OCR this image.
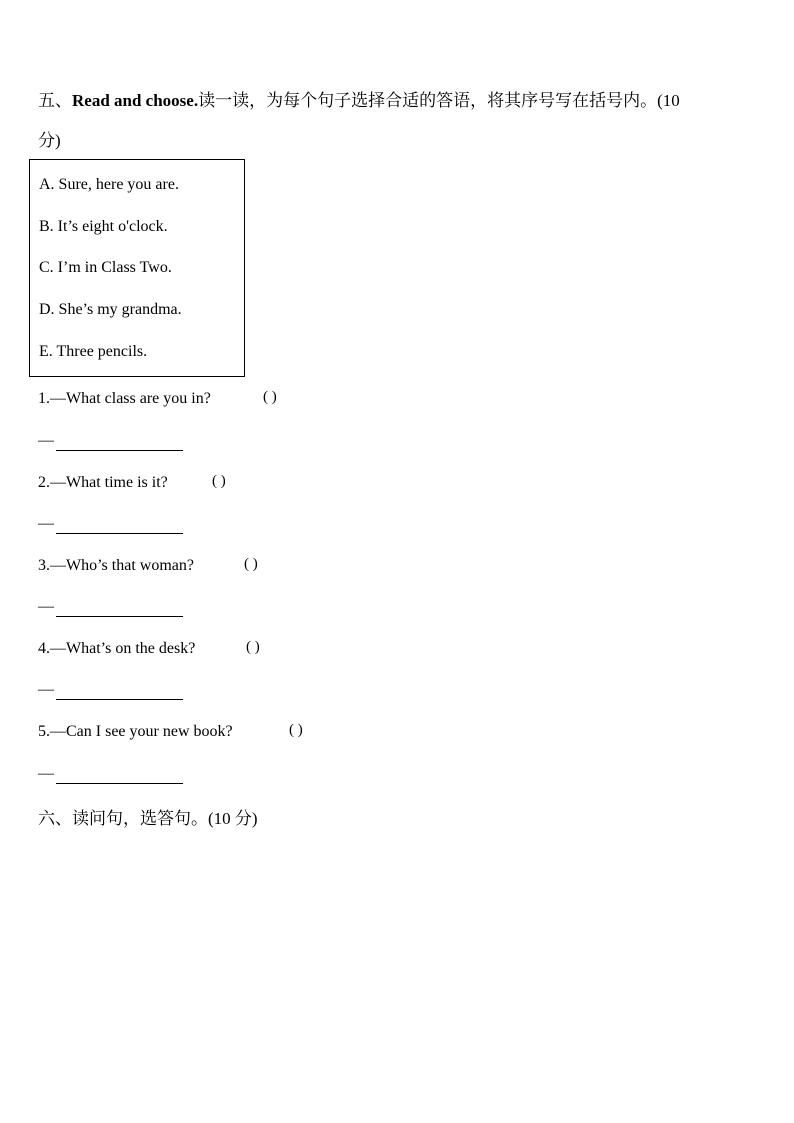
五、Read and choose.读一读，为每个句子选择合适的答语，将其序号写在括号内。(10
分)
A. Sure, here you are.
B. It’s eight o'clock.
C. I’m in Class Two.
D. She’s my grandma.
E. Three pencils.
1.—What class are you in?	( )
—
2.—What time is it?	( )
—
3.—Who’s that woman?	( )
—
4.—What’s on the desk?	( )
—
5.—Can I see your new book?	( )
—
六、读问句，选答句。(10 分)
